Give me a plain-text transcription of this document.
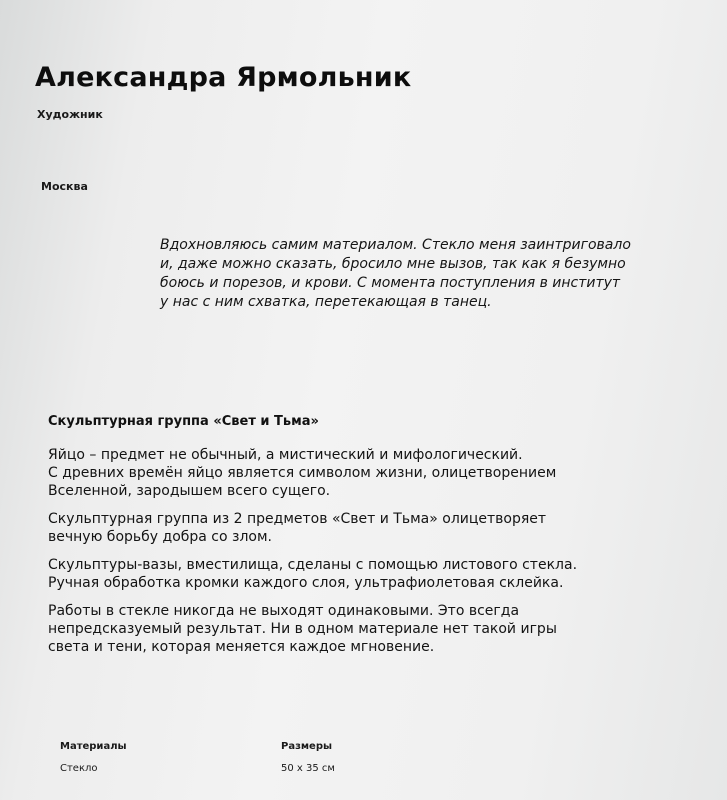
Александра Ярмольник
Художник
Москва
Вдохновляюсь самим материалом. Стекло меня заинтриговало
и, даже можно сказать, бросило мне вызов, так как я безумно
боюсь и порезов, и крови. С момента поступления в институт
у нас с ним схватка, перетекающая в танец.
Скульптурная группа «Свет и Тьма»
Яйцо – предмет не обычный, а мистический и мифологический.
С древних времён яйцо является символом жизни, олицетворением
Вселенной, зародышем всего сущего.
Скульптурная группа из 2 предметов «Свет и Тьма» олицетворяет
вечную борьбу добра со злом.
Скульптуры-вазы, вместилища, сделаны с помощью листового стекла.
Ручная обработка кромки каждого слоя, ультрафиолетовая склейка.
Работы в стекле никогда не выходят одинаковыми. Это всегда
непредсказуемый результат. Ни в одном материале нет такой игры
света и тени, которая меняется каждое мгновение.
Материалы
Стекло
Размеры
50 x 35 см
